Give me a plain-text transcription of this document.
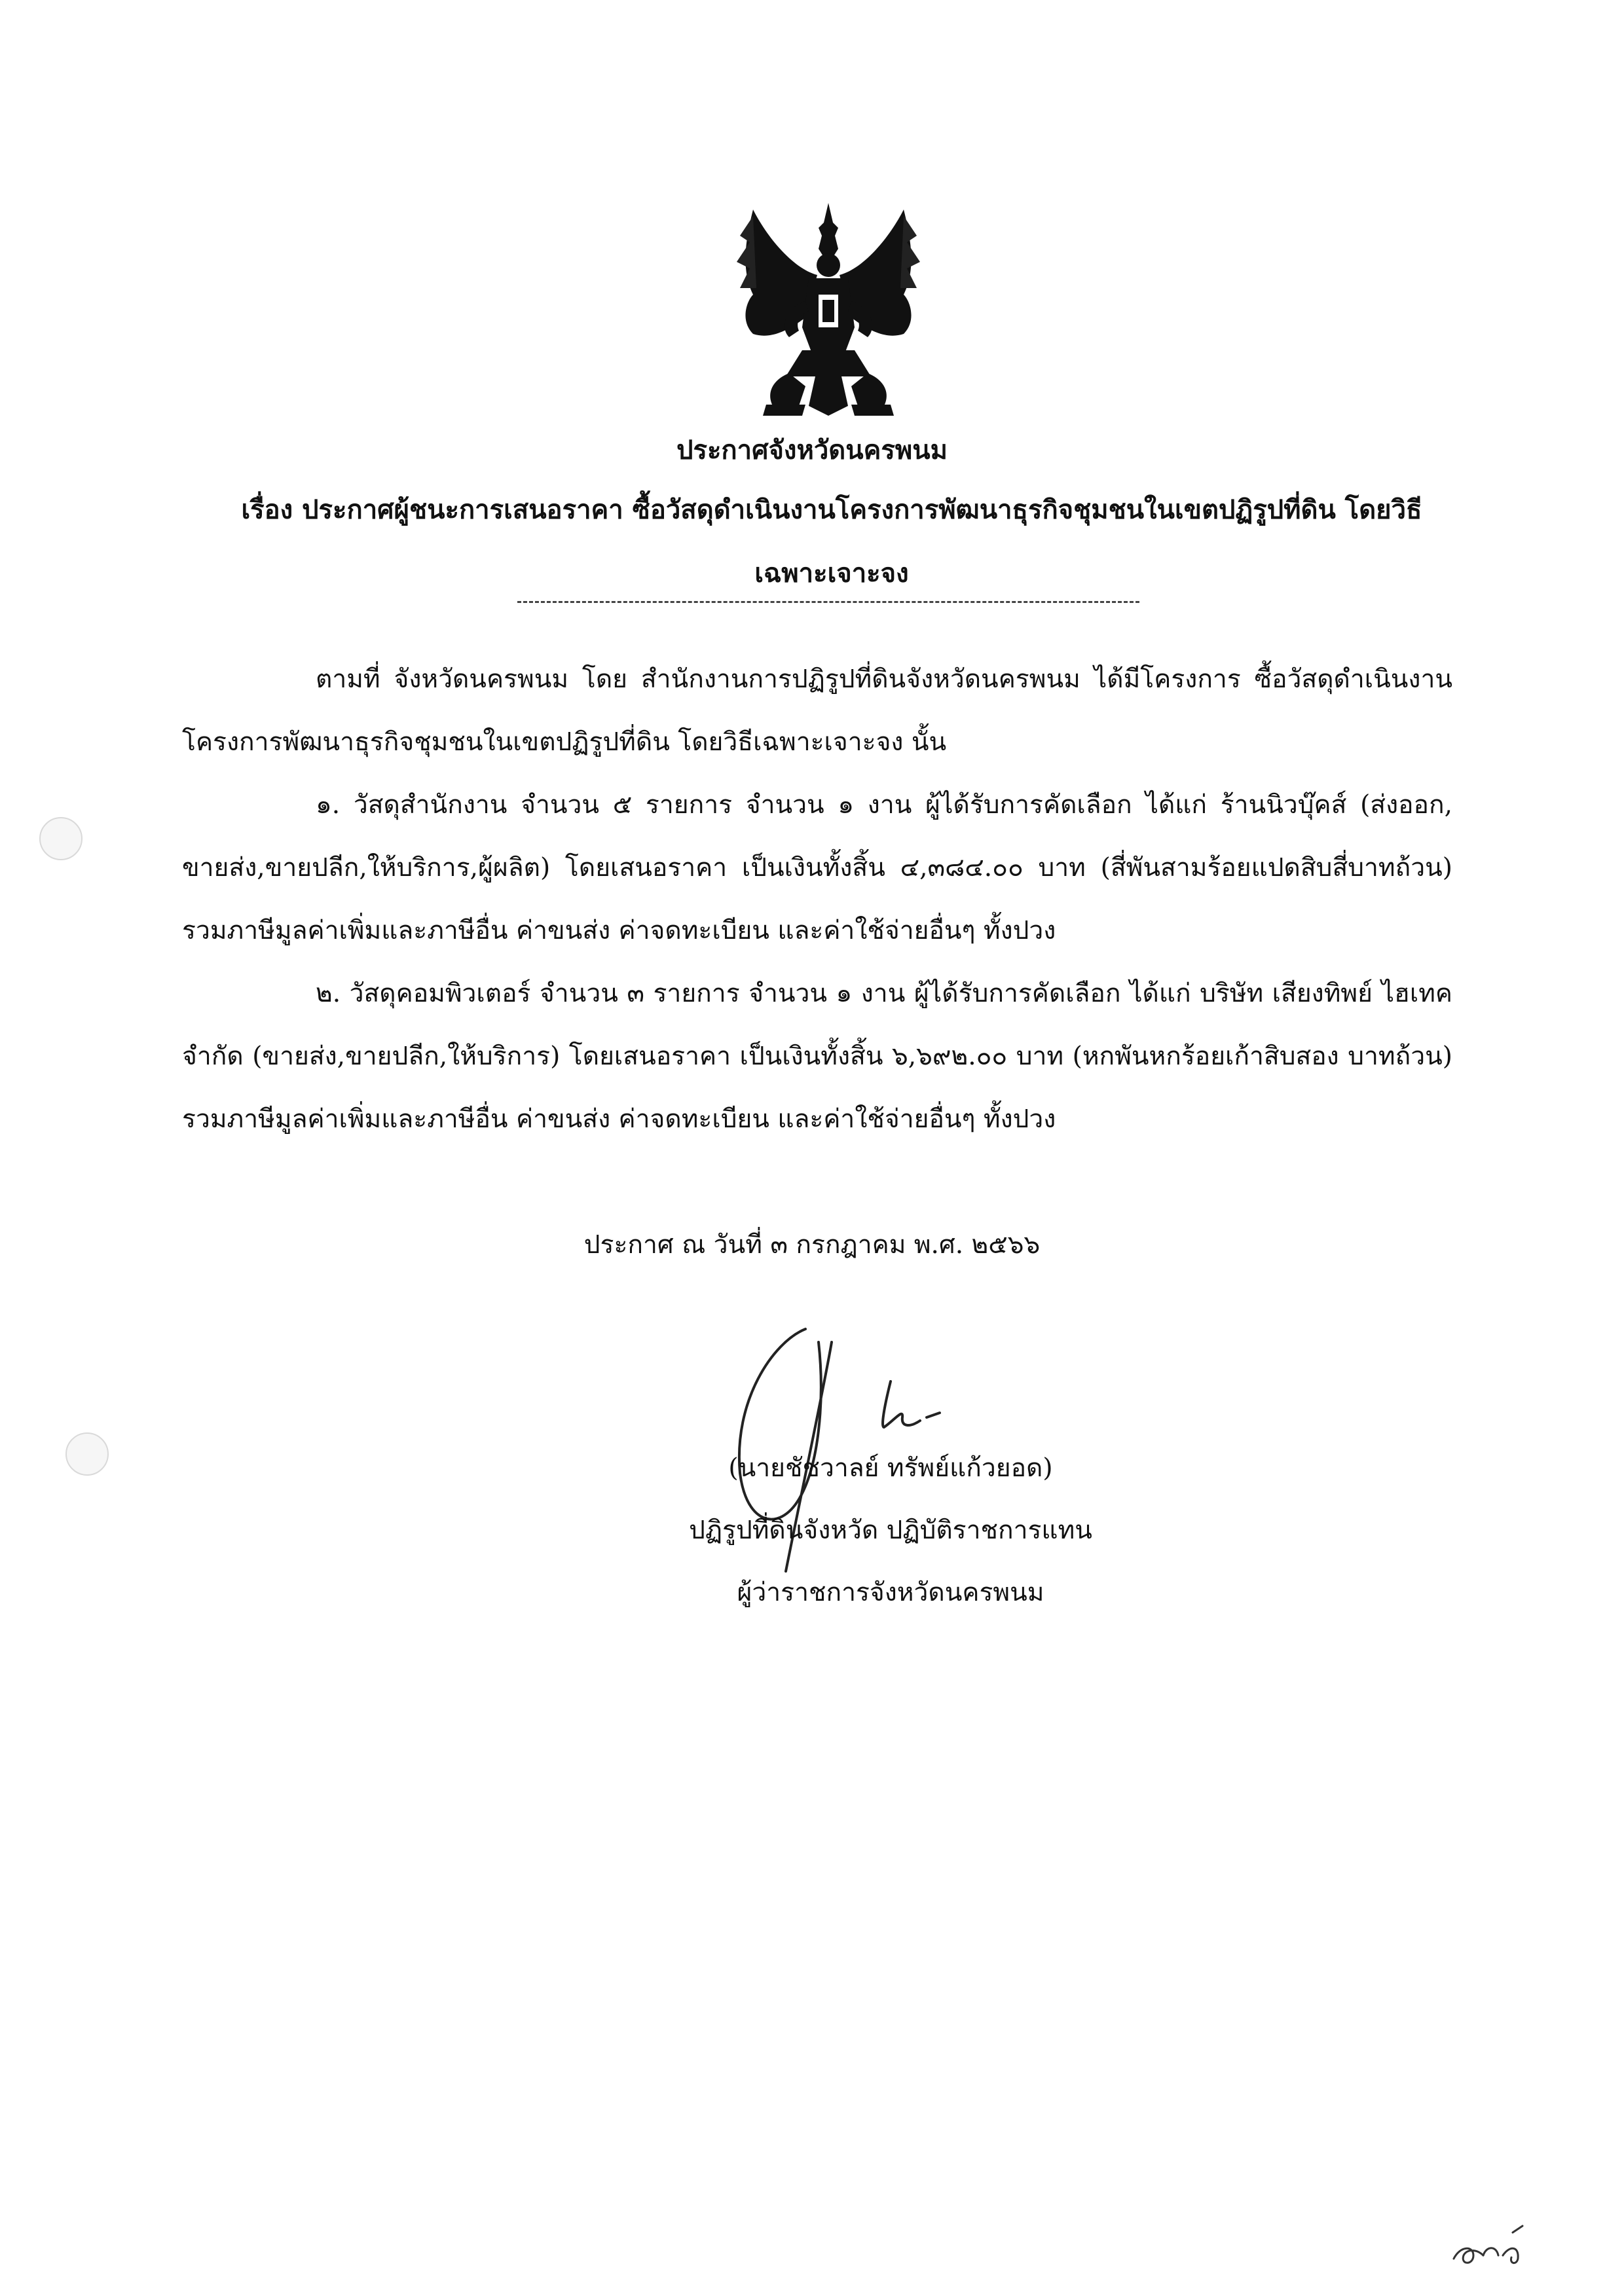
ประกาศจังหวัดนครพนม
เรื่อง ประกาศผู้ชนะการเสนอราคา ซื้อวัสดุดำเนินงานโครงการพัฒนาธุรกิจชุมชนในเขตปฏิรูปที่ดิน โดยวิธี
เฉพาะเจาะจง

ตามที่ จังหวัดนครพนม โดย สำนักงานการปฏิรูปที่ดินจังหวัดนครพนม ได้มีโครงการ ซื้อวัสดุดำเนินงานโครงการพัฒนาธุรกิจชุมชนในเขตปฏิรูปที่ดิน โดยวิธีเฉพาะเจาะจง นั้น

๑. วัสดุสำนักงาน จำนวน ๕ รายการ จำนวน ๑ งาน ผู้ได้รับการคัดเลือก ได้แก่ ร้านนิวบุ๊คส์ (ส่งออก, ขายส่ง,ขายปลีก,ให้บริการ,ผู้ผลิต) โดยเสนอราคา เป็นเงินทั้งสิ้น ๔,๓๘๔.๐๐ บาท (สี่พันสามร้อยแปดสิบสี่บาทถ้วน) รวมภาษีมูลค่าเพิ่มและภาษีอื่น ค่าขนส่ง ค่าจดทะเบียน และค่าใช้จ่ายอื่นๆ ทั้งปวง

๒. วัสดุคอมพิวเตอร์ จำนวน ๓ รายการ จำนวน ๑ งาน ผู้ได้รับการคัดเลือก ได้แก่ บริษัท เสียงทิพย์ ไฮเทค จำกัด (ขายส่ง,ขายปลีก,ให้บริการ) โดยเสนอราคา เป็นเงินทั้งสิ้น ๖,๖๙๒.๐๐ บาท (หกพันหกร้อยเก้าสิบสอง บาทถ้วน) รวมภาษีมูลค่าเพิ่มและภาษีอื่น ค่าขนส่ง ค่าจดทะเบียน และค่าใช้จ่ายอื่นๆ ทั้งปวง

ประกาศ ณ วันที่ ๓ กรกฎาคม พ.ศ. ๒๕๖๖
(นายชัชวาลย์ ทรัพย์แก้วยอด)
ปฏิรูปที่ดินจังหวัด ปฏิบัติราชการแทน
ผู้ว่าราชการจังหวัดนครพนม
